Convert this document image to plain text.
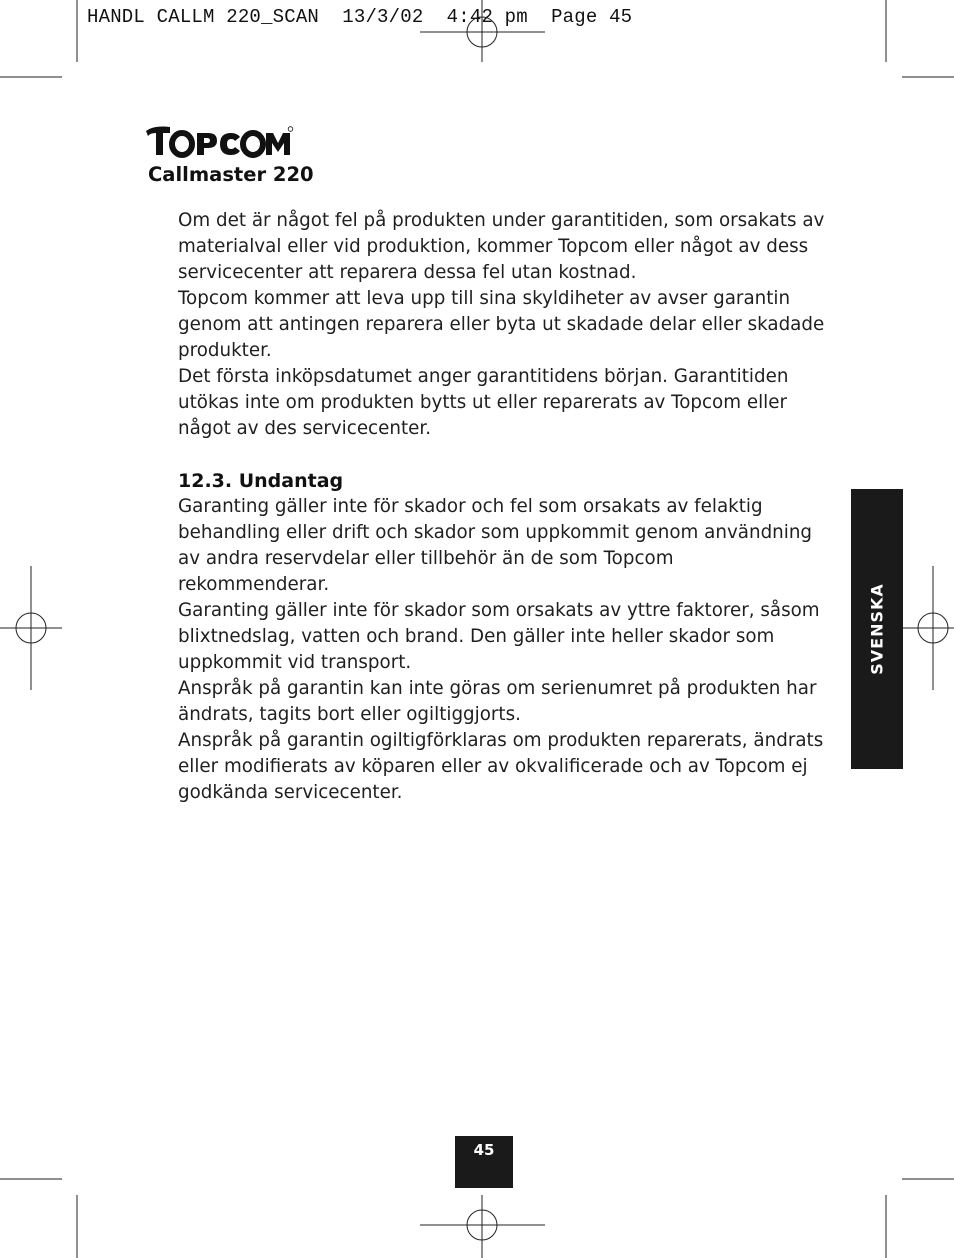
HANDL CALLM 220_SCAN  13/3/02  4:42 pm  Page 45
Callmaster 220

Om det är något fel på produkten under garantitiden, som orsakats av materialval eller vid produktion, kommer Topcom eller något av dess servicecenter att reparera dessa fel utan kostnad.

Topcom kommer att leva upp till sina skyldiheter av avser garantin genom att antingen reparera eller byta ut skadade delar eller skadade produkter.

Det första inköpsdatumet anger garantitidens början. Garantitiden utökas inte om produkten bytts ut eller reparerats av Topcom eller något av des servicecenter.

12.3. Undantag

Garanting gäller inte för skador och fel som orsakats av felaktig behandling eller drift och skador som uppkommit genom användning av andra reservdelar eller tillbehör än de som Topcom rekommenderar.

Garanting gäller inte för skador som orsakats av yttre faktorer, såsom blixtnedslag, vatten och brand. Den gäller inte heller skador som uppkommit vid transport.

Anspråk på garantin kan inte göras om serienumret på produkten har ändrats, tagits bort eller ogiltiggjorts.

Anspråk på garantin ogiltigförklaras om produkten reparerats, ändrats eller modifierats av köparen eller av okvalificerade och av Topcom ej godkända servicecenter.

SVENSKA
45
